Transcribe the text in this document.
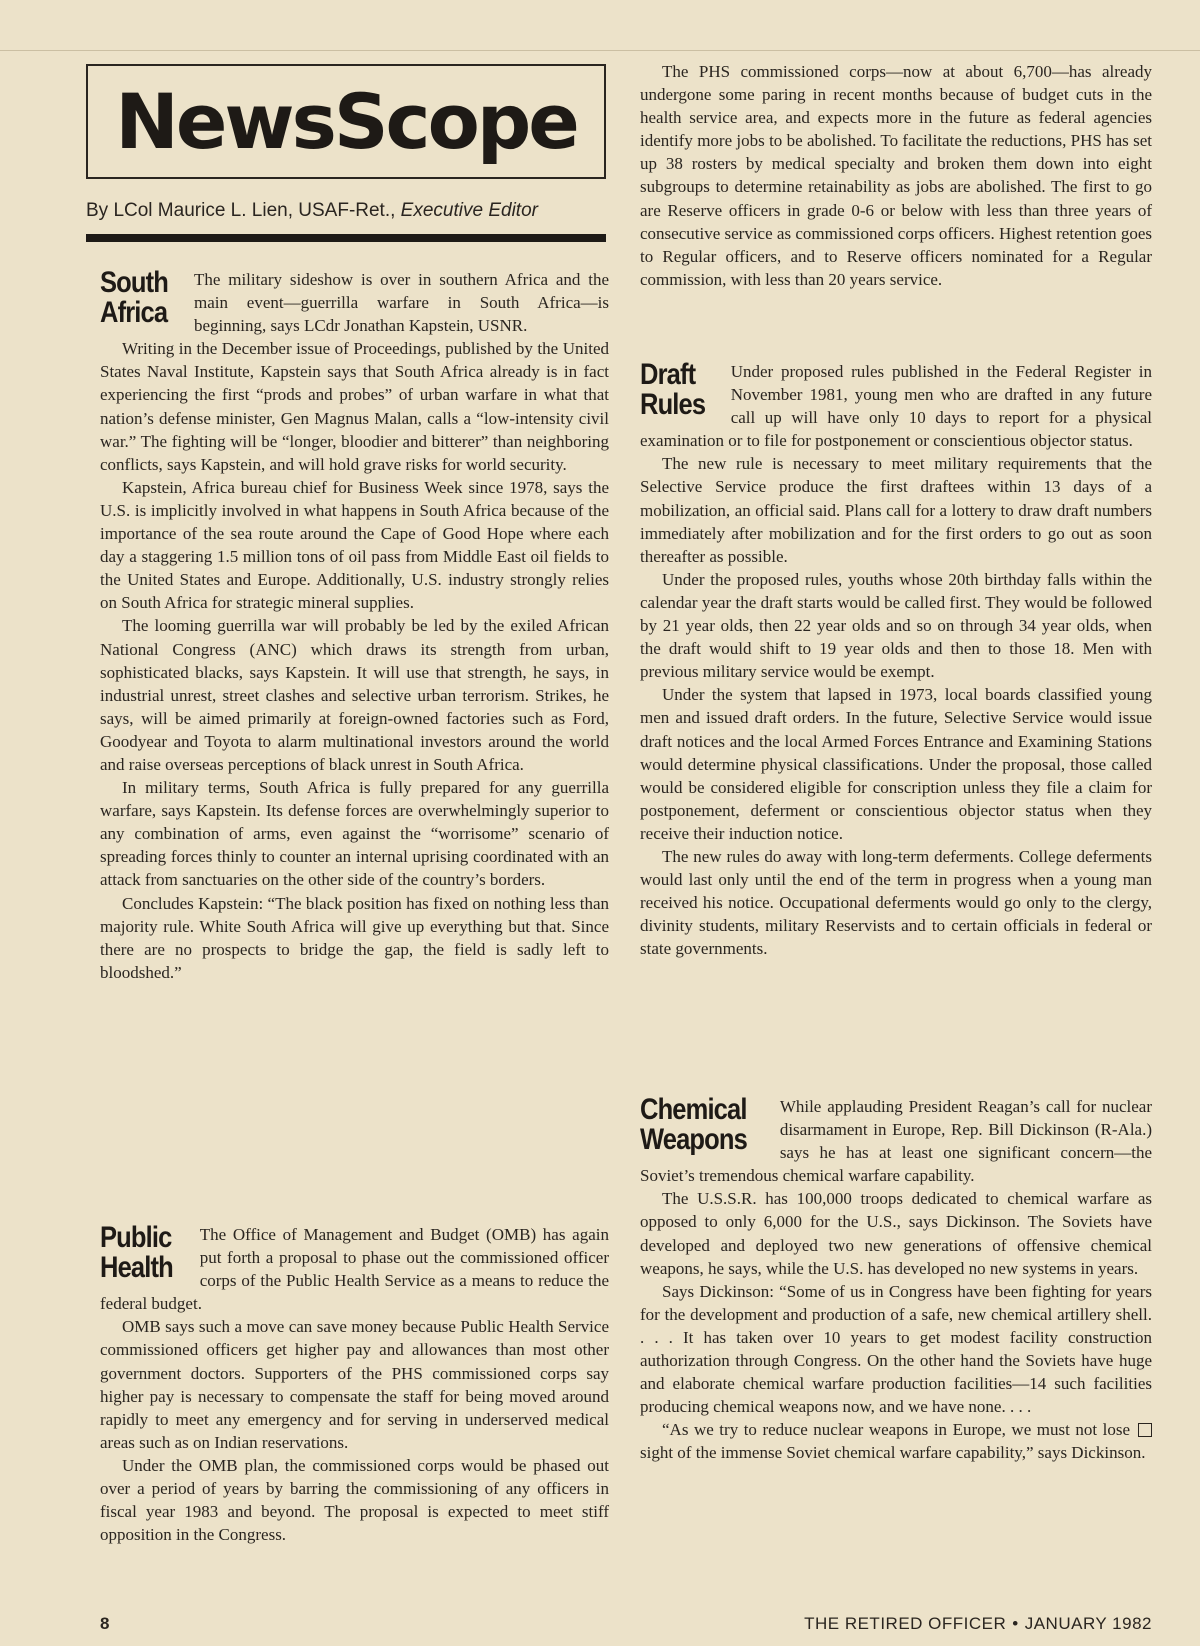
NewsScope
By LCol Maurice L. Lien, USAF-Ret., Executive Editor
South
Africa

The military sideshow is over in southern Africa and the main event—guerrilla warfare in South Africa—is beginning, says LCdr Jonathan Kapstein, USNR.

Writing in the December issue of Proceedings, published by the United States Naval Institute, Kapstein says that South Africa already is in fact experiencing the first “prods and probes” of urban warfare in what that nation’s defense minister, Gen Magnus Malan, calls a “low-intensity civil war.” The fighting will be “longer, bloodier and bitterer” than neighboring conflicts, says Kapstein, and will hold grave risks for world security.

Kapstein, Africa bureau chief for Business Week since 1978, says the U.S. is implicitly involved in what happens in South Africa because of the importance of the sea route around the Cape of Good Hope where each day a staggering 1.5 million tons of oil pass from Middle East oil fields to the United States and Europe. Additionally, U.S. industry strongly relies on South Africa for strategic mineral supplies.

The looming guerrilla war will probably be led by the exiled African National Congress (ANC) which draws its strength from urban, sophisticated blacks, says Kapstein. It will use that strength, he says, in industrial unrest, street clashes and selective urban terrorism. Strikes, he says, will be aimed primarily at foreign-owned factories such as Ford, Goodyear and Toyota to alarm multinational investors around the world and raise overseas perceptions of black unrest in South Africa.

In military terms, South Africa is fully prepared for any guerrilla warfare, says Kapstein. Its defense forces are overwhelmingly superior to any combination of arms, even against the “worrisome” scenario of spreading forces thinly to counter an internal uprising coordinated with an attack from sanctuaries on the other side of the country’s borders.

Concludes Kapstein: “The black position has fixed on nothing less than majority rule. White South Africa will give up everything but that. Since there are no prospects to bridge the gap, the field is sadly left to bloodshed.”

Public
Health

The Office of Management and Budget (OMB) has again put forth a proposal to phase out the commissioned officer corps of the Public Health Service as a means to reduce the federal budget.

OMB says such a move can save money because Public Health Service commissioned officers get higher pay and allowances than most other government doctors. Supporters of the PHS commissioned corps say higher pay is necessary to compensate the staff for being moved around rapidly to meet any emergency and for serving in underserved medical areas such as on Indian reservations.

Under the OMB plan, the commissioned corps would be phased out over a period of years by barring the commissioning of any officers in fiscal year 1983 and beyond. The proposal is expected to meet stiff opposition in the Congress.

The PHS commissioned corps—now at about 6,700—has already undergone some paring in recent months because of budget cuts in the health service area, and expects more in the future as federal agencies identify more jobs to be abolished. To facilitate the reductions, PHS has set up 38 rosters by medical specialty and broken them down into eight subgroups to determine retainability as jobs are abolished. The first to go are Reserve officers in grade 0-6 or below with less than three years of consecutive service as commissioned corps officers. Highest retention goes to Regular officers, and to Reserve officers nominated for a Regular commission, with less than 20 years service.

Draft
Rules

Under proposed rules published in the Federal Register in November 1981, young men who are drafted in any future call up will have only 10 days to report for a physical examination or to file for postponement or conscientious objector status.

The new rule is necessary to meet military requirements that the Selective Service produce the first draftees within 13 days of a mobilization, an official said. Plans call for a lottery to draw draft numbers immediately after mobilization and for the first orders to go out as soon thereafter as possible.

Under the proposed rules, youths whose 20th birthday falls within the calendar year the draft starts would be called first. They would be followed by 21 year olds, then 22 year olds and so on through 34 year olds, when the draft would shift to 19 year olds and then to those 18. Men with previous military service would be exempt.

Under the system that lapsed in 1973, local boards classified young men and issued draft orders. In the future, Selective Service would issue draft notices and the local Armed Forces Entrance and Examining Stations would determine physical classifications. Under the proposal, those called would be considered eligible for conscription unless they file a claim for postponement, deferment or conscientious objector status when they receive their induction notice.

The new rules do away with long-term deferments. College deferments would last only until the end of the term in progress when a young man received his notice. Occupational deferments would go only to the clergy, divinity students, military Reservists and to certain officials in federal or state governments.

Chemical
Weapons

While applauding President Reagan’s call for nuclear disarmament in Europe, Rep. Bill Dickinson (R-Ala.) says he has at least one significant concern—the Soviet’s tremendous chemical warfare capability.

The U.S.S.R. has 100,000 troops dedicated to chemical warfare as opposed to only 6,000 for the U.S., says Dickinson. The Soviets have developed and deployed two new generations of offensive chemical weapons, he says, while the U.S. has developed no new systems in years.

Says Dickinson: “Some of us in Congress have been fighting for years for the development and production of a safe, new chemical artillery shell. . . . It has taken over 10 years to get modest facility construction authorization through Congress. On the other hand the Soviets have huge and elaborate chemical warfare production facilities—14 such facilities producing chemical weapons now, and we have none. . . .

“As we try to reduce nuclear weapons in Europe, we must not lose sight of the immense Soviet chemical warfare capability,” says Dickinson.

8	THE RETIRED OFFICER • JANUARY 1982
